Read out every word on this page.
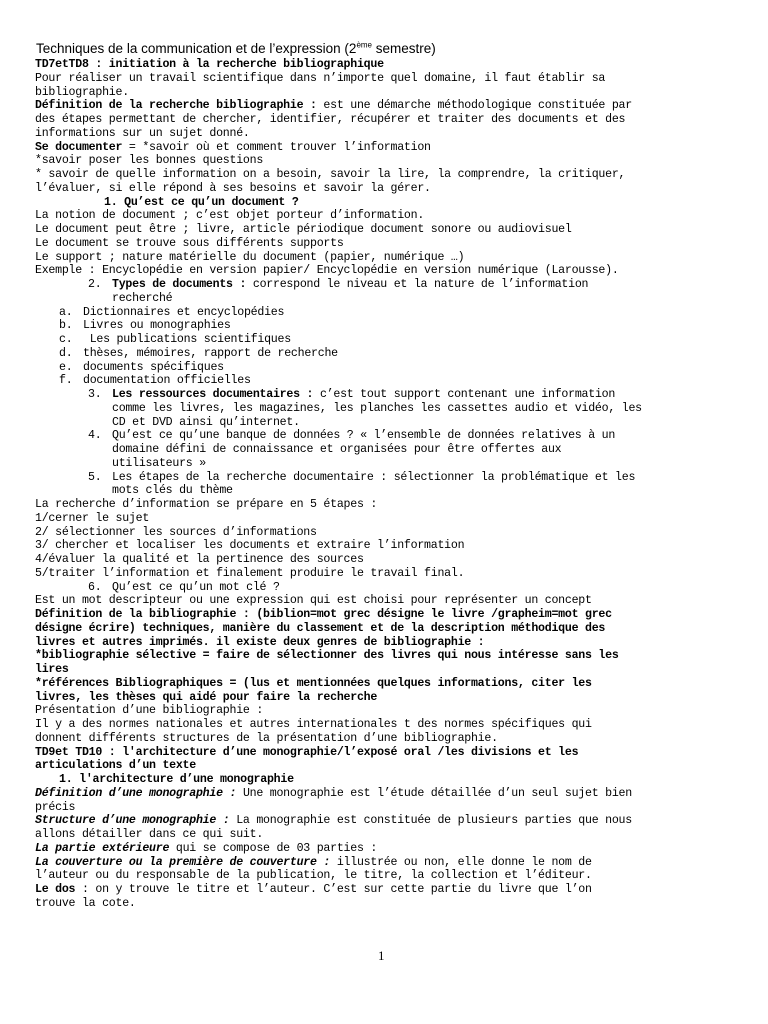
Techniques de la communication et de l’expression (2ème semestre)
TD7etTD8 : initiation à la recherche bibliographique
Pour réaliser un travail scientifique dans n’importe quel domaine, il faut établir sa
bibliographie.
Définition de la recherche bibliographie : est une démarche méthodologique constituée par
des étapes permettant de chercher, identifier, récupérer et traiter des documents et des
informations sur un sujet donné.
Se documenter = *savoir où et comment trouver l’information
*savoir poser les bonnes questions
* savoir de quelle information on a besoin, savoir la lire, la comprendre, la critiquer,
l’évaluer, si elle répond à ses besoins et savoir la gérer.
1. Qu’est ce qu’un document ?
La notion de document ; c’est objet porteur d’information.
Le document peut être ; livre, article périodique document sonore ou audiovisuel
Le document se trouve sous différents supports
Le support ; nature matérielle du document (papier, numérique …)
Exemple : Encyclopédie en version papier/ Encyclopédie en version numérique (Larousse).
2. Types de documents : correspond le niveau et la nature de l’information
recherché
a. Dictionnaires et encyclopédies
b. Livres ou monographies
c. Les publications scientifiques
d. thèses, mémoires, rapport de recherche
e. documents spécifiques
f. documentation officielles
3. Les ressources documentaires : c’est tout support contenant une information
comme les livres, les magazines, les planches les cassettes audio et vidéo, les
CD et DVD ainsi qu’internet.
4. Qu’est ce qu’une banque de données ? « l’ensemble de données relatives à un
domaine défini de connaissance et organisées pour être offertes aux
utilisateurs »
5. Les étapes de la recherche documentaire : sélectionner la problématique et les
mots clés du thème
La recherche d’information se prépare en 5 étapes :
1/cerner le sujet
2/ sélectionner les sources d’informations
3/ chercher et localiser les documents et extraire l’information
4/évaluer la qualité et la pertinence des sources
5/traiter l’information et finalement produire le travail final.
6. Qu’est ce qu’un mot clé ?
Est un mot descripteur ou une expression qui est choisi pour représenter un concept
Définition de la bibliographie : (biblion=mot grec désigne le livre /grapheim=mot grec
désigne écrire) techniques, manière du classement et de la description méthodique des
livres et autres imprimés. il existe deux genres de bibliographie :
*bibliographie sélective = faire de sélectionner des livres qui nous intéresse sans les
lires
*références Bibliographiques = (lus et mentionnées quelques informations, citer les
livres, les thèses qui aidé pour faire la recherche
Présentation d’une bibliographie :
Il y a des normes nationales et autres internationales t des normes spécifiques qui
donnent différents structures de la présentation d’une bibliographie.
TD9et TD10 : l'architecture d’une monographie/l’exposé oral /les divisions et les
articulations d’un texte
1. l'architecture d’une monographie
Définition d’une monographie : Une monographie est l’étude détaillée d’un seul sujet bien
précis
Structure d’une monographie : La monographie est constituée de plusieurs parties que nous
allons détailler dans ce qui suit.
La partie extérieure qui se compose de 03 parties :
La couverture ou la première de couverture : illustrée ou non, elle donne le nom de
l’auteur ou du responsable de la publication, le titre, la collection et l’éditeur.
Le dos : on y trouve le titre et l’auteur. C’est sur cette partie du livre que l’on
trouve la cote.
1
